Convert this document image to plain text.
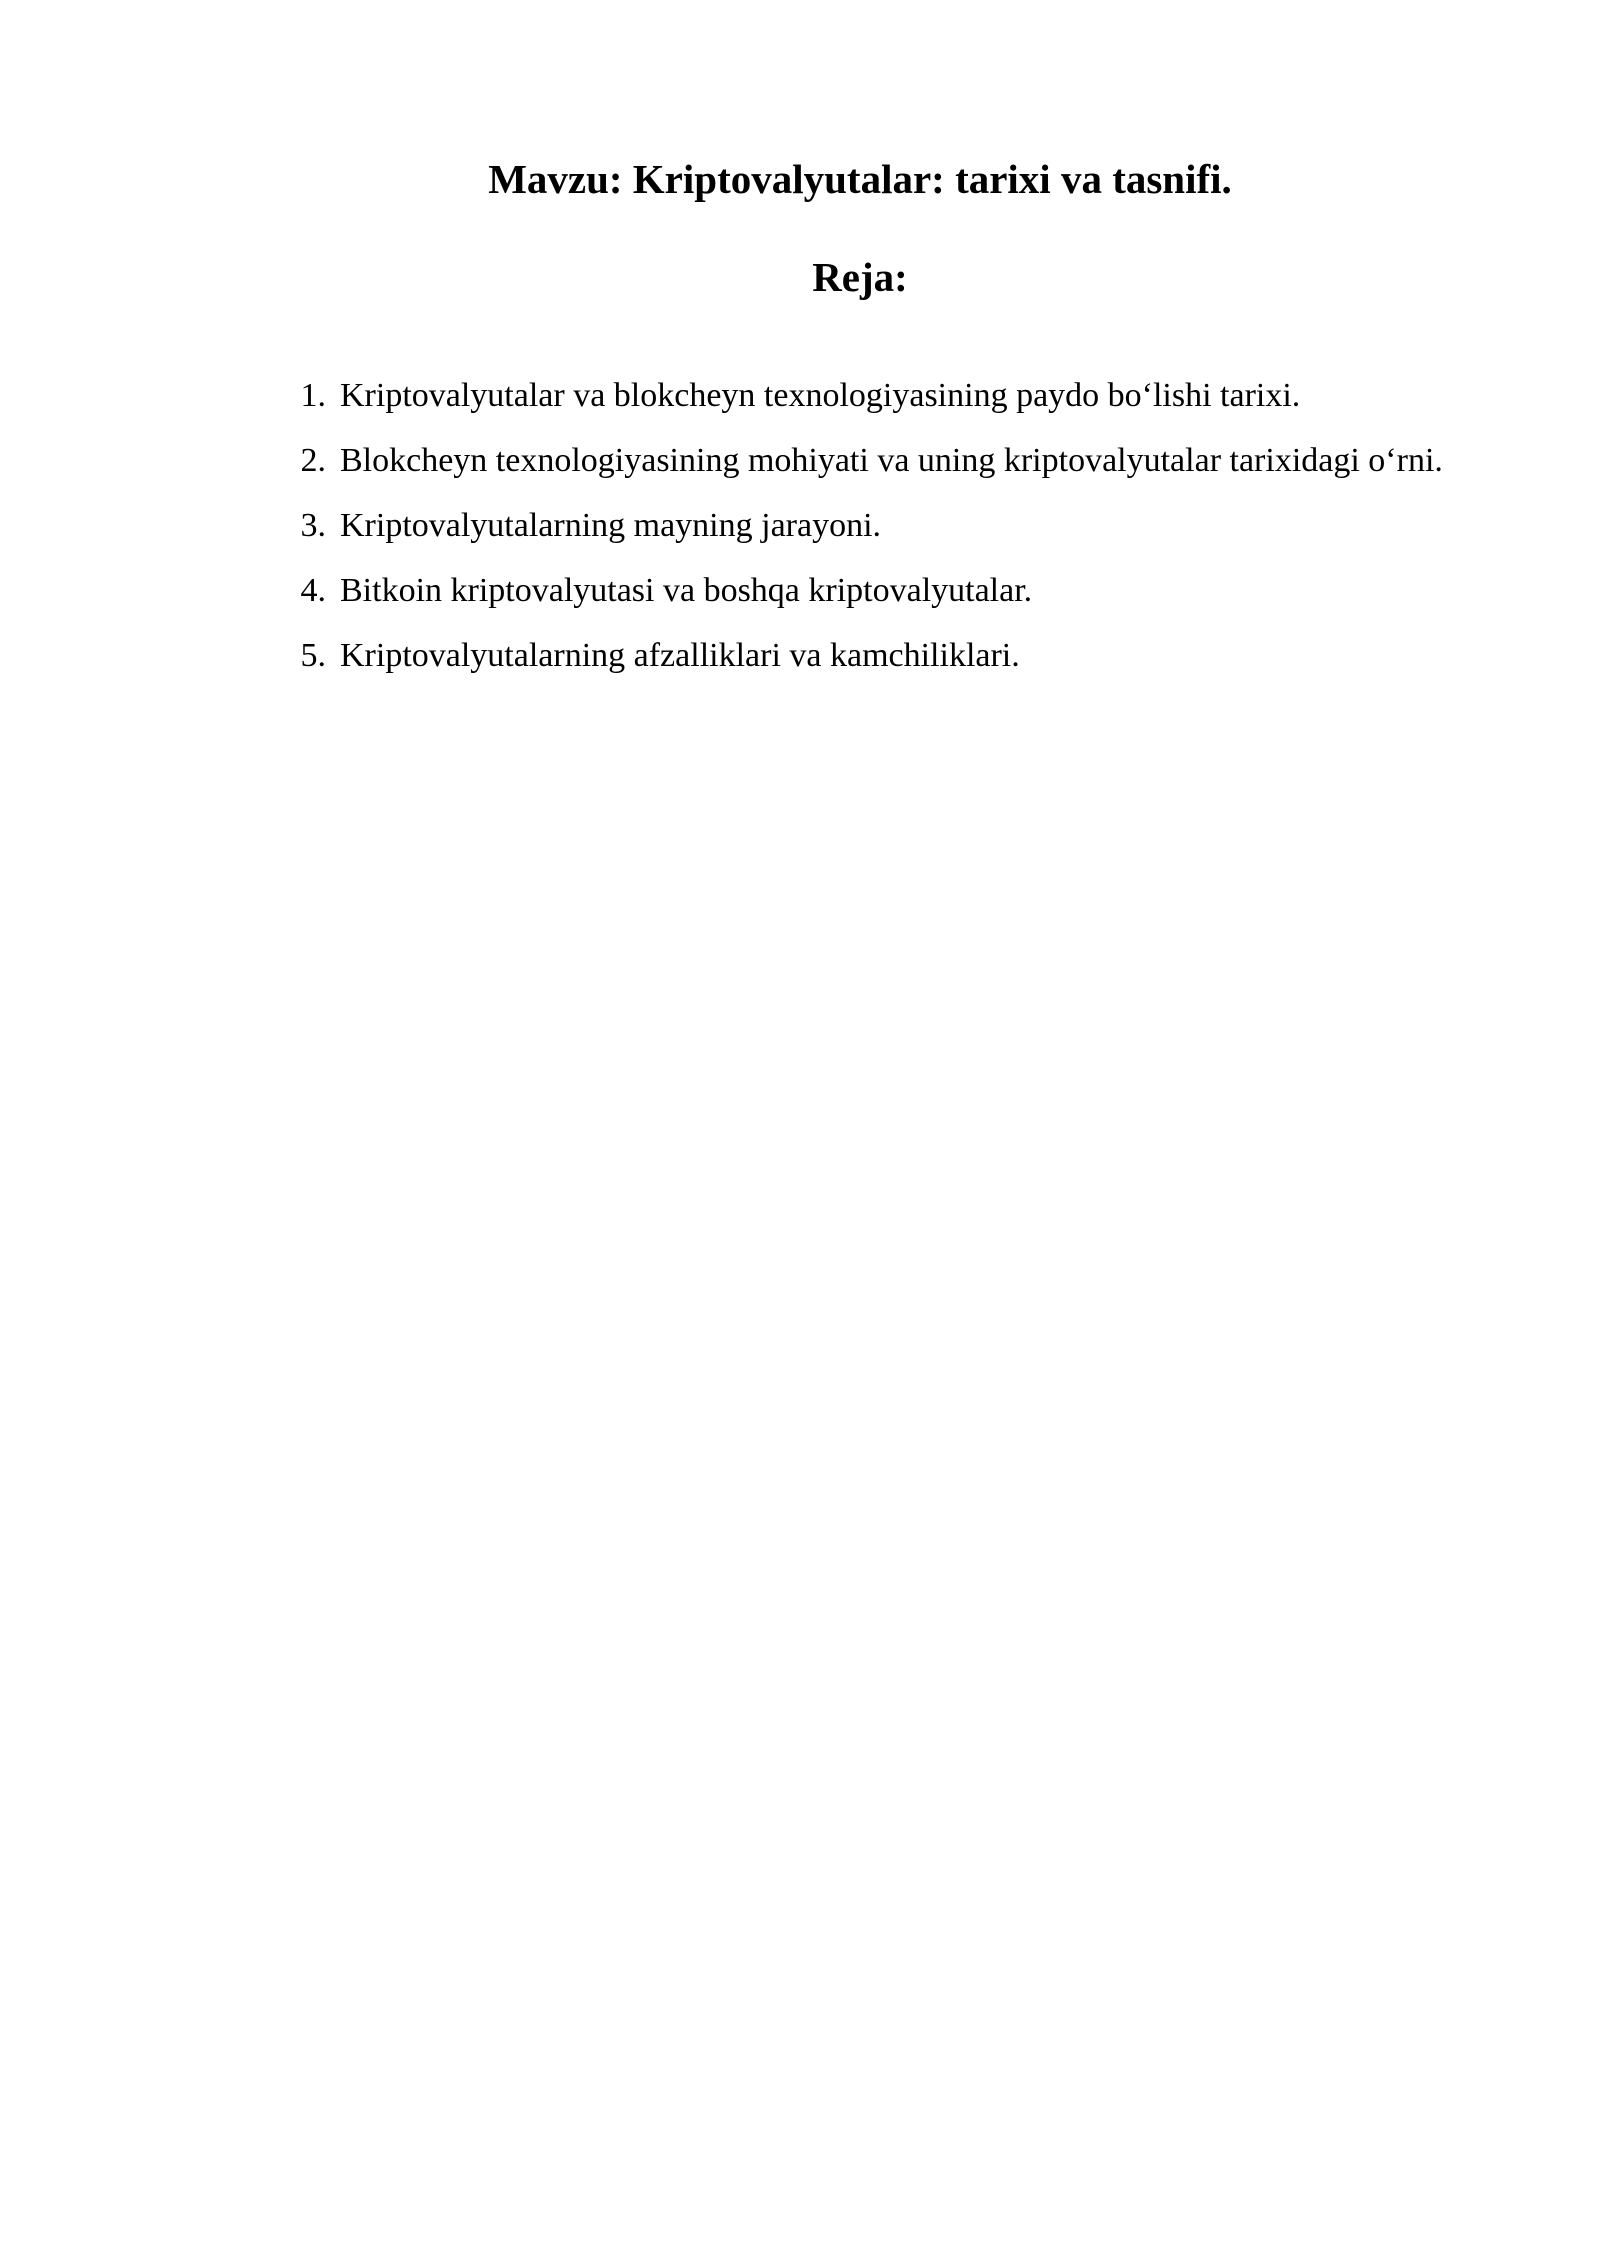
Mavzu: Kriptovalyutalar: tarixi va tasnifi.
Reja:
1. Kriptovalyutalar va blokcheyn texnologiyasining paydo bo‘lishi tarixi.
2. Blokcheyn texnologiyasining mohiyati va uning kriptovalyutalar tarixidagi o‘rni.
3. Kriptovalyutalarning mayning jarayoni.
4. Bitkoin kriptovalyutasi va boshqa kriptovalyutalar.
5. Kriptovalyutalarning afzalliklari va kamchiliklari.
